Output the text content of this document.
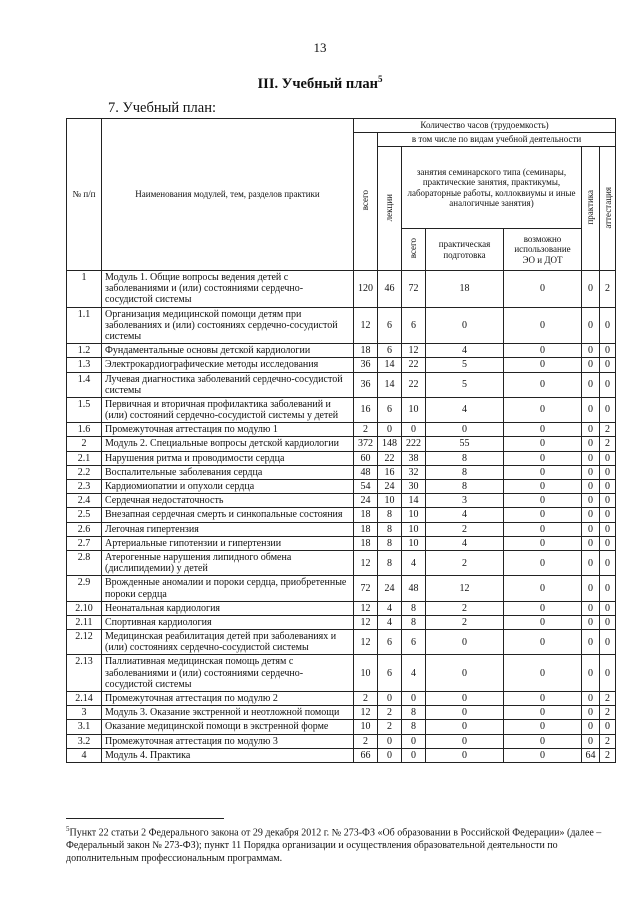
13
III. Учебный план$^5$
7. Учебный план:
№ п/п	Наименования модулей, тем, разделов практики	Количество часов (трудоемкость)						
		всего	в том числе по видам учебной деятельности					
			лекции	занятия семинарского типа (семинары, практические занятия, практикумы, лабораторные работы, коллоквиумы и иные аналогичные занятия)			практика	аттестация
				всего	практическая подготовка	возможно использование ЭО и ДОТ		
1	Модуль 1. Общие вопросы ведения детей с заболеваниями и (или) состояниями сердечно-сосудистой системы	120	46	72	18	0	0	2
1.1	Организация медицинской помощи детям при заболеваниях и (или) состояниях сердечно-сосудистой системы	12	6	6	0	0	0	0
1.2	Фундаментальные основы детской кардиологии	18	6	12	4	0	0	0
1.3	Электрокардиографические методы исследования	36	14	22	5	0	0	0
1.4	Лучевая диагностика заболеваний сердечно-сосудистой системы	36	14	22	5	0	0	0
1.5	Первичная и вторичная профилактика заболеваний и (или) состояний сердечно-сосудистой системы у детей	16	6	10	4	0	0	0
1.6	Промежуточная аттестация по модулю 1	2	0	0	0	0	0	2
2	Модуль 2. Специальные вопросы детской кардиологии	372	148	222	55	0	0	2
2.1	Нарушения ритма и проводимости сердца	60	22	38	8	0	0	0
2.2	Воспалительные заболевания сердца	48	16	32	8	0	0	0
2.3	Кардиомиопатии и опухоли сердца	54	24	30	8	0	0	0
2.4	Сердечная недостаточность	24	10	14	3	0	0	0
2.5	Внезапная сердечная смерть и синкопальные состояния	18	8	10	4	0	0	0
2.6	Легочная гипертензия	18	8	10	2	0	0	0
2.7	Артериальные гипотензии и гипертензии	18	8	10	4	0	0	0
2.8	Атерогенные нарушения липидного обмена (дислипидемии) у детей	12	8	4	2	0	0	0
2.9	Врожденные аномалии и пороки сердца, приобретенные пороки сердца	72	24	48	12	0	0	0
2.10	Неонатальная кардиология	12	4	8	2	0	0	0
2.11	Спортивная кардиология	12	4	8	2	0	0	0
2.12	Медицинская реабилитация детей при заболеваниях и (или) состояниях сердечно-сосудистой системы	12	6	6	0	0	0	0
2.13	Паллиативная медицинская помощь детям с заболеваниями и (или) состояниями сердечно-сосудистой системы	10	6	4	0	0	0	0
2.14	Промежуточная аттестация по модулю 2	2	0	0	0	0	0	2
3	Модуль 3. Оказание экстренной и неотложной помощи	12	2	8	0	0	0	2
3.1	Оказание медицинской помощи в экстренной форме	10	2	8	0	0	0	0
3.2	Промежуточная аттестация по модулю 3	2	0	0	0	0	0	2
4	Модуль 4. Практика	66	0	0	0	0	64	2
$^5$Пункт 22 статьи 2 Федерального закона от 29 декабря 2012 г. № 273-ФЗ «Об образовании в Российской Федерации» (далее – Федеральный закон № 273-ФЗ); пункт 11 Порядка организации и осуществления образовательной деятельности по дополнительным профессиональным программам.
